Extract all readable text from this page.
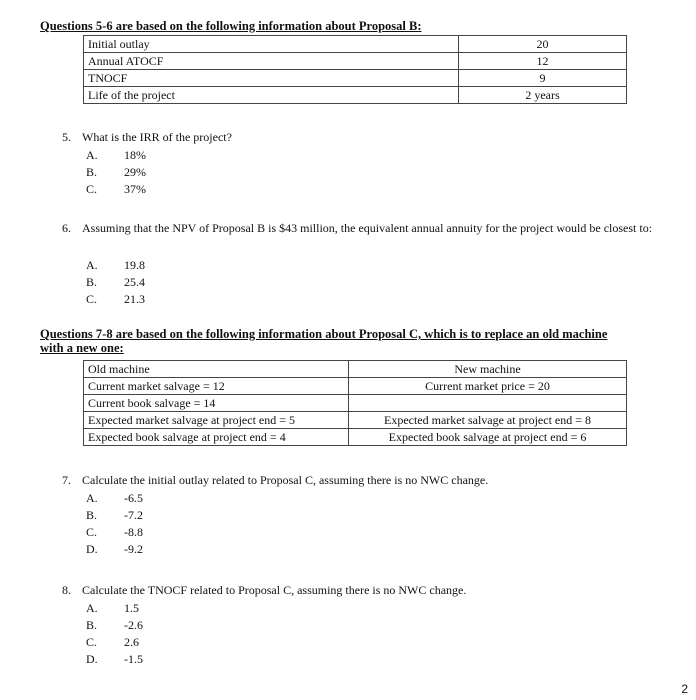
Questions 5-6 are based on the following information about Proposal B:
Initial outlay	20
Annual ATOCF	12
TNOCF	9
Life of the project	2 years
5. What is the IRR of the project?
A. 18%
B. 29%
C. 37%
6. Assuming that the NPV of Proposal B is $43 million, the equivalent annual annuity for the project would be closest to:
A. 19.8
B. 25.4
C. 21.3
Questions 7-8 are based on the following information about Proposal C, which is to replace an old machine
with a new one:
Old machine	New machine
Current market salvage = 12	Current market price = 20
Current book salvage = 14	
Expected market salvage at project end = 5	Expected market salvage at project end = 8
Expected book salvage at project end = 4	Expected book salvage at project end = 6
7. Calculate the initial outlay related to Proposal C, assuming there is no NWC change.
A. -6.5
B. -7.2
C. -8.8
D. -9.2
8. Calculate the TNOCF related to Proposal C, assuming there is no NWC change.
A. 1.5
B. -2.6
C. 2.6
D. -1.5
2
